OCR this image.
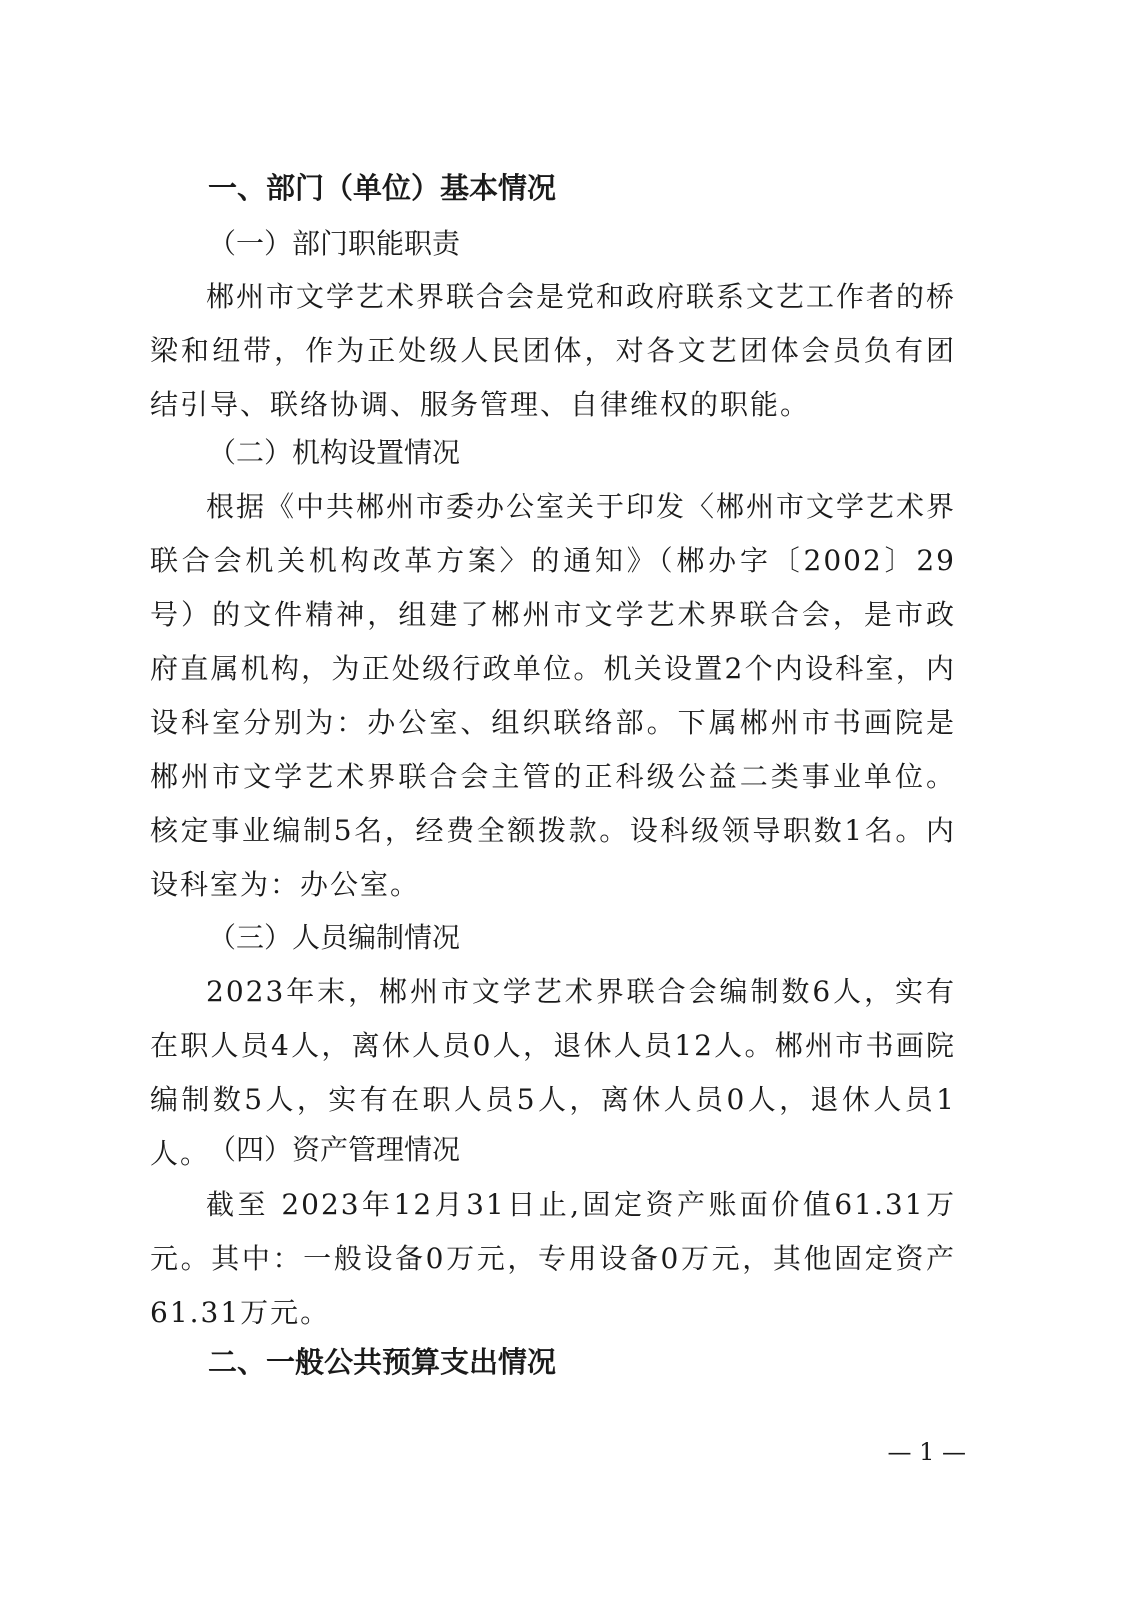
一、部门（单位）基本情况
（一）部门职能职责
郴州市文学艺术界联合会是党和政府联系文艺工作者的桥梁和纽带，作为正处级人民团体，对各文艺团体会员负有团结引导、联络协调、服务管理、自律维权的职能。
（二）机构设置情况
根据《中共郴州市委办公室关于印发〈郴州市文学艺术界联合会机关机构改革方案〉的通知》（郴办字〔2002〕29号）的文件精神，组建了郴州市文学艺术界联合会，是市政府直属机构，为正处级行政单位。机关设置2个内设科室，内设科室分别为：办公室、组织联络部。下属郴州市书画院是郴州市文学艺术界联合会主管的正科级公益二类事业单位。核定事业编制5名，经费全额拨款。设科级领导职数1名。内设科室为：办公室。
（三）人员编制情况
2023年末，郴州市文学艺术界联合会编制数6人，实有在职人员4人，离休人员0人，退休人员12人。郴州市书画院编制数5人，实有在职人员5人，离休人员0人，退休人员1人。
（四）资产管理情况
截至 2023年12月31日止,固定资产账面价值61.31万元。其中：一般设备0万元，专用设备0万元，其他固定资产61.31万元。
二、一般公共预算支出情况
— 1 —
